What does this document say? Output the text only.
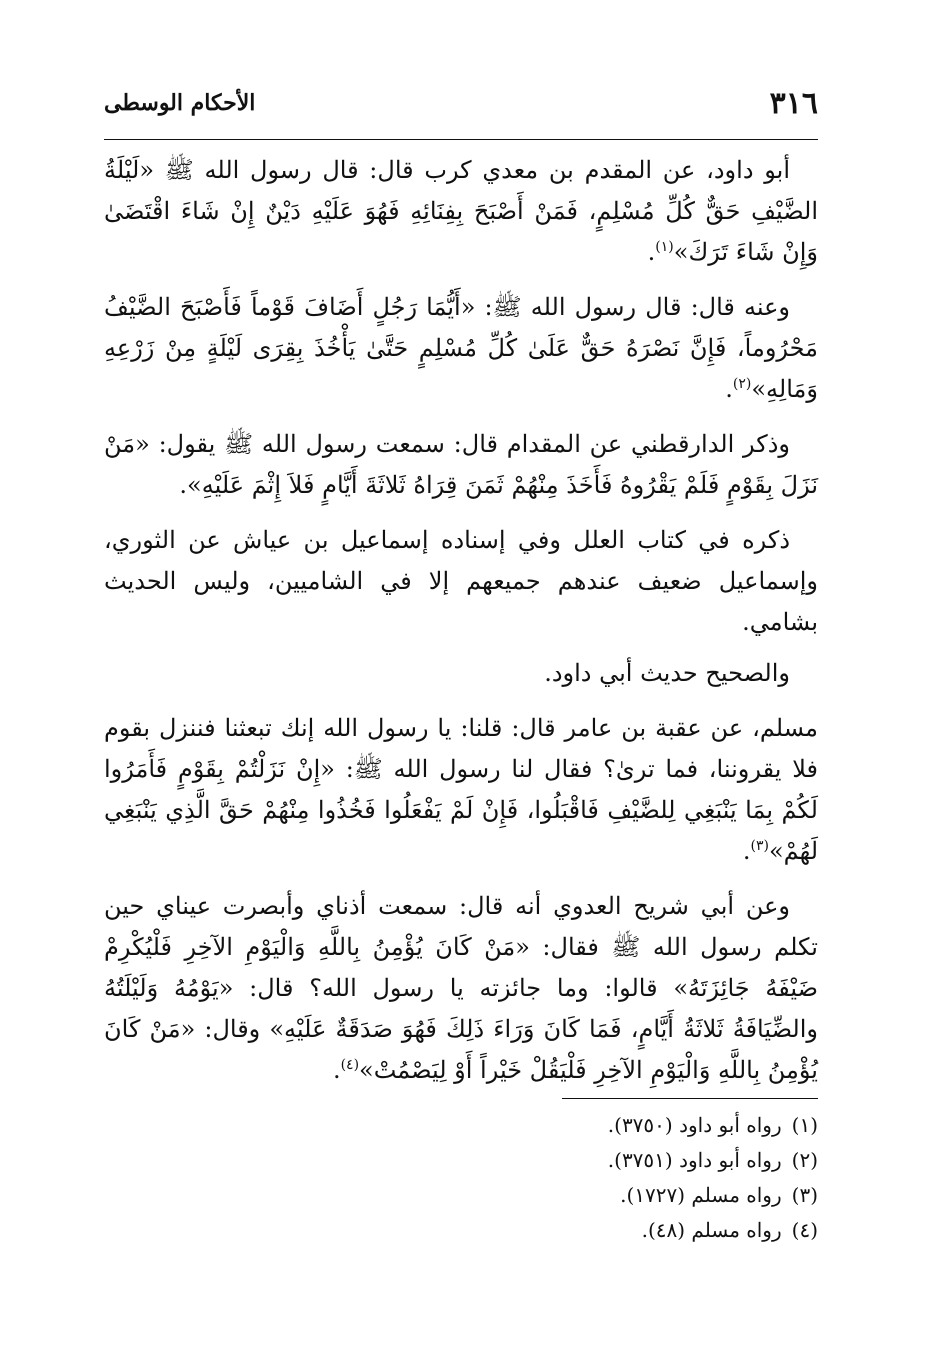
٣١٦
الأحكام الوسطى

أبو داود، عن المقدم بن معدي كرب قال: قال رسول الله ﷺ «لَيْلَةُ الضَّيْفِ حَقٌّ كُلِّ مُسْلِمٍ، فَمَنْ أَصْبَحَ بِفِنَائِهِ فَهُوَ عَلَيْهِ دَيْنٌ إِنْ شَاءَ اقْتَضَىٰ وَإِنْ شَاءَ تَرَكَ»$^{(١)}$.

وعنه قال: قال رسول الله ﷺ: «أَيُّمَا رَجُلٍ أَضَافَ قَوْماً فَأَصْبَحَ الضَّيْفُ مَحْرُوماً، فَإِنَّ نَصْرَهُ حَقٌّ عَلَىٰ كُلِّ مُسْلِمٍ حَتَّىٰ يَأْخُذَ بِقِرَى لَيْلَةٍ مِنْ زَرْعِهِ وَمَالِهِ»$^{(٢)}$.

وذكر الدارقطني عن المقدام قال: سمعت رسول الله ﷺ يقول: «مَنْ نَزَلَ بِقَوْمٍ فَلَمْ يَقْرُوهُ فَأَخَذَ مِنْهُمْ ثَمَنَ قِرَاهُ ثَلاثَةَ أَيَّامٍ فَلاَ إِثْمَ عَلَيْهِ».

ذكره في كتاب العلل وفي إسناده إسماعيل بن عياش عن الثوري، وإسماعيل ضعيف عندهم جميعهم إلا في الشاميين، وليس الحديث بشامي.

والصحيح حديث أبي داود.

مسلم، عن عقبة بن عامر قال: قلنا: يا رسول الله إنك تبعثنا فننزل بقوم فلا يقروننا، فما ترىٰ؟ فقال لنا رسول الله ﷺ: «إِنْ نَزَلْتُمْ بِقَوْمٍ فَأَمَرُوا لَكُمْ بِمَا يَنْبَغِي لِلضَّيْفِ فَاقْبَلُوا، فَإِنْ لَمْ يَفْعَلُوا فَخُذُوا مِنْهُمْ حَقَّ الَّذِي يَنْبَغِي لَهُمْ»$^{(٣)}$.

وعن أبي شريح العدوي أنه قال: سمعت أذناي وأبصرت عيناي حين تكلم رسول الله ﷺ فقال: «مَنْ كَانَ يُؤْمِنُ بِاللَّهِ وَالْيَوْمِ الآخِرِ فَلْيُكْرِمْ ضَيْفَهُ جَائِزَتَهُ» قالوا: وما جائزته يا رسول الله؟ قال: «يَوْمُهُ وَلَيْلَتُهُ والضِّيَافَةُ ثَلاثَةُ أَيَّامٍ، فَمَا كَانَ وَرَاءَ ذَلِكَ فَهُوَ صَدَقَةٌ عَلَيْهِ» وقال: «مَنْ كَانَ يُؤْمِنُ بِاللَّهِ وَالْيَوْمِ الآخِرِ فَلْيَقُلْ خَيْراً أَوْ لِيَصْمُتْ»$^{(٤)}$.

(١)رواه أبو داود (٣٧٥٠).
(٢)رواه أبو داود (٣٧٥١).
(٣)رواه مسلم (١٧٢٧).
(٤)رواه مسلم (٤٨).
